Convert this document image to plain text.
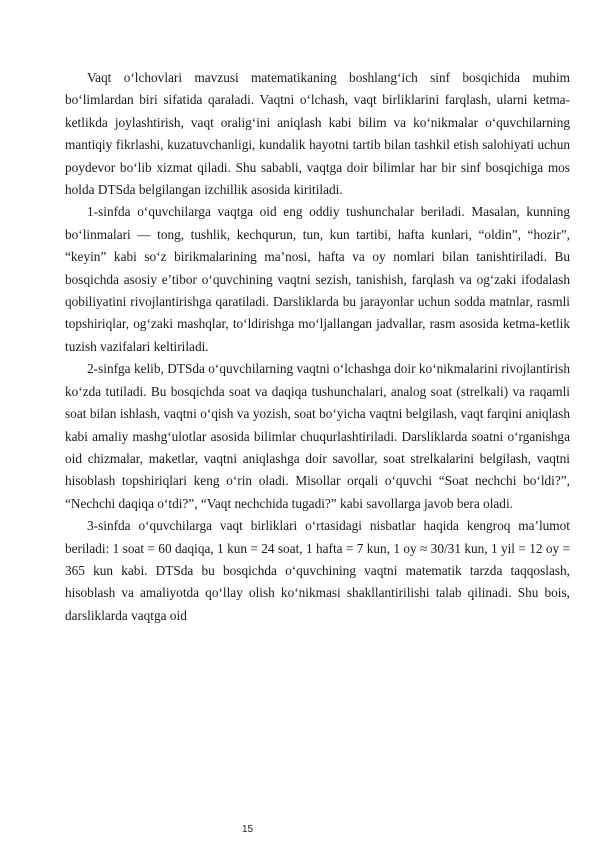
Vaqt o‘lchovlari mavzusi matematikaning boshlang‘ich sinf bosqichida muhim bo‘limlardan biri sifatida qaraladi. Vaqtni o‘lchash, vaqt birliklarini farqlash, ularni ketma-ketlikda joylashtirish, vaqt oralig‘ini aniqlash kabi bilim va ko‘nikmalar o‘quvchilarning mantiqiy fikrlashi, kuzatuvchanligi, kundalik hayotni tartib bilan tashkil etish salohiyati uchun poydevor bo‘lib xizmat qiladi. Shu sababli, vaqtga doir bilimlar har bir sinf bosqichiga mos holda DTSda belgilangan izchillik asosida kiritiladi.

1-sinfda o‘quvchilarga vaqtga oid eng oddiy tushunchalar beriladi. Masalan, kunning bo‘linmalari — tong, tushlik, kechqurun, tun, kun tartibi, hafta kunlari, “oldin”, “hozir”, “keyin” kabi so‘z birikmalarining ma’nosi, hafta va oy nomlari bilan tanishtiriladi. Bu bosqichda asosiy e’tibor o‘quvchining vaqtni sezish, tanishish, farqlash va og‘zaki ifodalash qobiliyatini rivojlantirishga qaratiladi. Darsliklarda bu jarayonlar uchun sodda matnlar, rasmli topshiriqlar, og‘zaki mashqlar, to‘ldirishga mo‘ljallangan jadvallar, rasm asosida ketma-ketlik tuzish vazifalari keltiriladi.

2-sinfga kelib, DTSda o‘quvchilarning vaqtni o‘lchashga doir ko‘nikmalarini rivojlantirish ko‘zda tutiladi. Bu bosqichda soat va daqiqa tushunchalari, analog soat (strelkali) va raqamli soat bilan ishlash, vaqtni o‘qish va yozish, soat bo‘yicha vaqtni belgilash, vaqt farqini aniqlash kabi amaliy mashg‘ulotlar asosida bilimlar chuqurlashtiriladi. Darsliklarda soatni o‘rganishga oid chizmalar, maketlar, vaqtni aniqlashga doir savollar, soat strelkalarini belgilash, vaqtni hisoblash topshiriqlari keng o‘rin oladi. Misollar orqali o‘quvchi “Soat nechchi bo‘ldi?”, “Nechchi daqiqa o‘tdi?”, “Vaqt nechchida tugadi?” kabi savollarga javob bera oladi.

3-sinfda o‘quvchilarga vaqt birliklari o‘rtasidagi nisbatlar haqida kengroq ma’lumot beriladi: 1 soat = 60 daqiqa, 1 kun = 24 soat, 1 hafta = 7 kun, 1 oy ≈ 30/31 kun, 1 yil = 12 oy = 365 kun kabi. DTSda bu bosqichda o‘quvchining vaqtni matematik tarzda taqqoslash, hisoblash va amaliyotda qo‘llay olish ko‘nikmasi shakllantirilishi talab qilinadi. Shu bois, darsliklarda vaqtga oid

15
